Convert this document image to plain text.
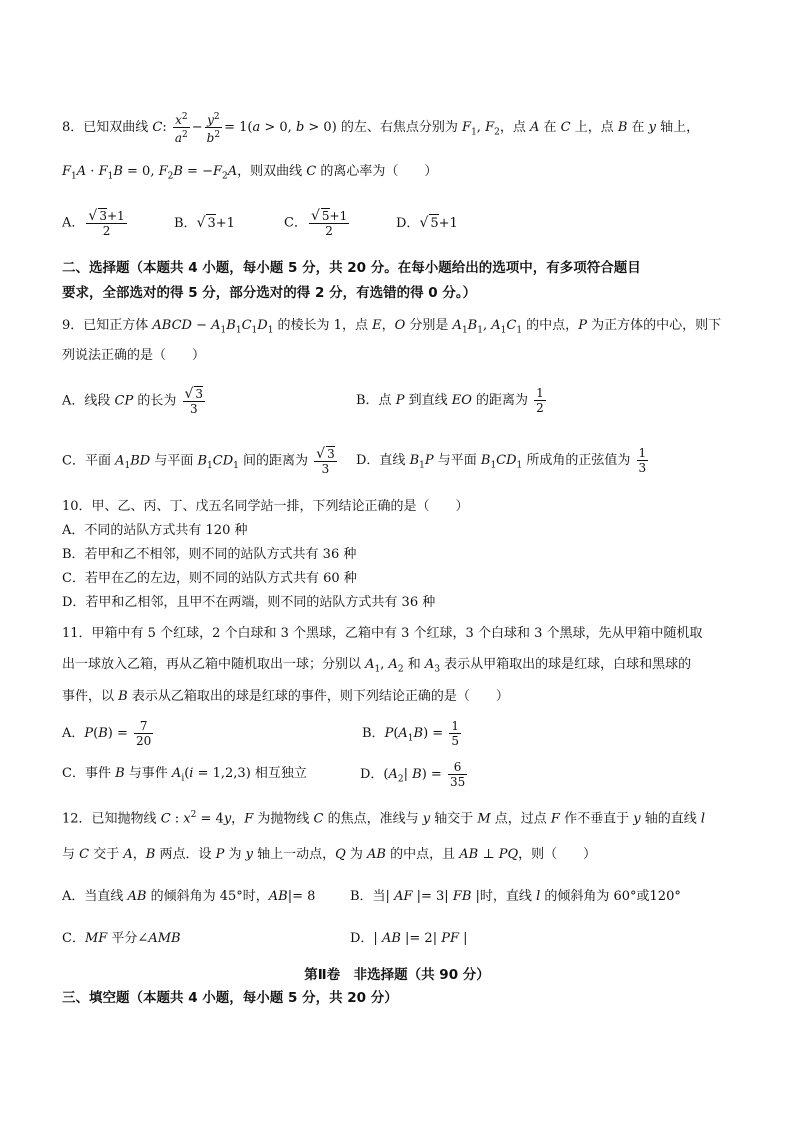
8．已知双曲线 C: $\frac{x^2}{a^2} - \frac{y^2}{b^2} = 1(a > 0$, b > 0) 的左、右焦点分别为 $F_1$, $F_2$，点 A 在 C 上，点 B 在 y 轴上，
$F_1A \cdot F_1B = 0$, $F_2B = -F_2A$，则双曲线 C 的离心率为（　　）
A． $\frac{√ 3+1}{2}$	B．√ 3+1	C． $\frac{√ 5+1}{2}$	D．√ 5+1
二、选择题（本题共 4 小题，每小题 5 分，共 20 分。在每小题给出的选项中，有多项符合题目
要求，全部选对的得 5 分，部分选对的得 2 分，有选错的得 0 分。）
9．已知正方体 ABCD − $A_1B_1C_1D_1$ 的棱长为 1，点 E，O 分别是 $A_1B_1$, $A_1C_1$ 的中点，P 为正方体的中心，则下
列说法正确的是（　　）
A．线段 CP 的长为 $\frac{√ 3}{3}$	B．点 P 到直线 EO 的距离为 $\frac{1}{2}$
C．平面 $A_1BD$ 与平面 $B_1CD_1$ 间的距离为 $\frac{√ 3}{3}$ D．直线 $B_1P$ 与平面 $B_1CD_1$ 所成角的正弦值为 $\frac{1}{3}$
10．甲、乙、丙、丁、戊五名同学站一排，下列结论正确的是（　　）
A．不同的站队方式共有 120 种
B．若甲和乙不相邻，则不同的站队方式共有 36 种
C．若甲在乙的左边，则不同的站队方式共有 60 种
D．若甲和乙相邻，且甲不在两端，则不同的站队方式共有 36 种
11．甲箱中有 5 个红球，2 个白球和 3 个黑球，乙箱中有 3 个红球，3 个白球和 3 个黑球，先从甲箱中随机取
出一球放入乙箱，再从乙箱中随机取出一球；分别以 $A_1$, $A_2$ 和 $A_3$ 表示从甲箱取出的球是红球，白球和黑球的
事件，以 B 表示从乙箱取出的球是红球的事件，则下列结论正确的是（　　）
A．$P(B) = \frac{7}{20}$	B．$P(A_1B) = \frac{1}{5}$
C．事件 B 与事件 $A_i(i = 1,2,3)$ 相互独立	D．($A_2|$ $B) = \frac{6}{35}$
12．已知抛物线 C : $x^2 = 4y$，F 为抛物线 C 的焦点，准线与 y 轴交于 M 点，过点 F 作不垂直于 y 轴的直线 l
与 C 交于 A，B 两点．设 P 为 y 轴上一动点，Q 为 AB 的中点，且 AB ⊥ PQ，则（　　）
A．当直线 AB 的倾斜角为 45°时，AB|= 8	B．当| AF |= 3| FB |时，直线 l 的倾斜角为 60°或120°
C．MF 平分∠AMB	D．| AB |= 2| PF |
第Ⅱ卷　非选择题（共 90 分）
三、填空题（本题共 4 小题，每小题 5 分，共 20 分）
